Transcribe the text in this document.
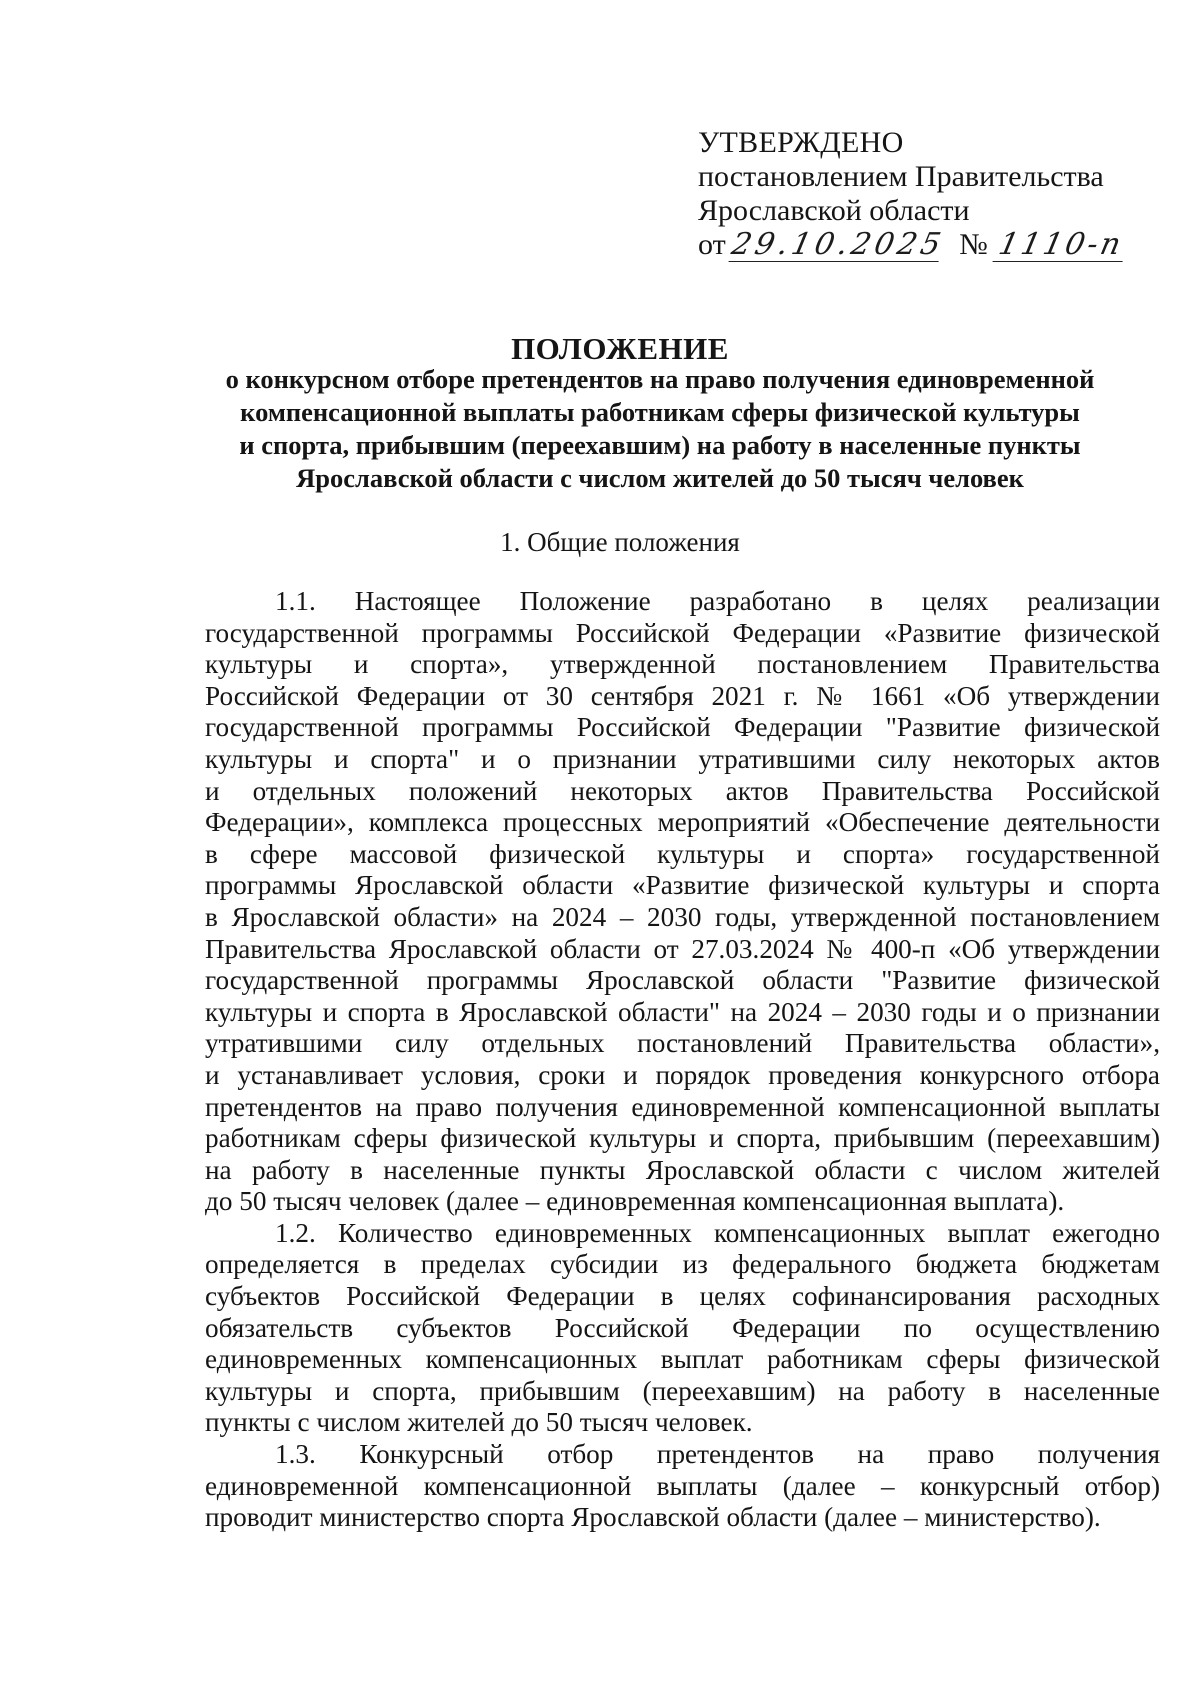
УТВЕРЖДЕНО
постановлением Правительства
Ярославской области
от29.10.2025 № 1110-п
ПОЛОЖЕНИЕ
о конкурсном отборе претендентов на право получения единовременной
компенсационной выплаты работникам сферы физической культуры
и спорта, прибывшим (переехавшим) на работу в населенные пункты
Ярославской области с числом жителей до 50 тысяч человек
1. Общие положения
1.1. Настоящее Положение разработано в целях реализации
государственной программы Российской Федерации «Развитие физической
культуры и спорта», утвержденной постановлением Правительства
Российской Федерации от 30 сентября 2021 г. № 1661 «Об утверждении
государственной программы Российской Федерации "Развитие физической
культуры и спорта" и о признании утратившими силу некоторых актов
и отдельных положений некоторых актов Правительства Российской
Федерации», комплекса процессных мероприятий «Обеспечение деятельности
в сфере массовой физической культуры и спорта» государственной
программы Ярославской области «Развитие физической культуры и спорта
в Ярославской области» на 2024 – 2030 годы, утвержденной постановлением
Правительства Ярославской области от 27.03.2024 № 400-п «Об утверждении
государственной программы Ярославской области "Развитие физической
культуры и спорта в Ярославской области" на 2024 – 2030 годы и о признании
утратившими силу отдельных постановлений Правительства области»,
и устанавливает условия, сроки и порядок проведения конкурсного отбора
претендентов на право получения единовременной компенсационной выплаты
работникам сферы физической культуры и спорта, прибывшим (переехавшим)
на работу в населенные пункты Ярославской области с числом жителей
до 50 тысяч человек (далее – единовременная компенсационная выплата).
1.2. Количество единовременных компенсационных выплат ежегодно
определяется в пределах субсидии из федерального бюджета бюджетам
субъектов Российской Федерации в целях софинансирования расходных
обязательств субъектов Российской Федерации по осуществлению
единовременных компенсационных выплат работникам сферы физической
культуры и спорта, прибывшим (переехавшим) на работу в населенные
пункты с числом жителей до 50 тысяч человек.
1.3. Конкурсный отбор претендентов на право получения
единовременной компенсационной выплаты (далее – конкурсный отбор)
проводит министерство спорта Ярославской области (далее – министерство).
